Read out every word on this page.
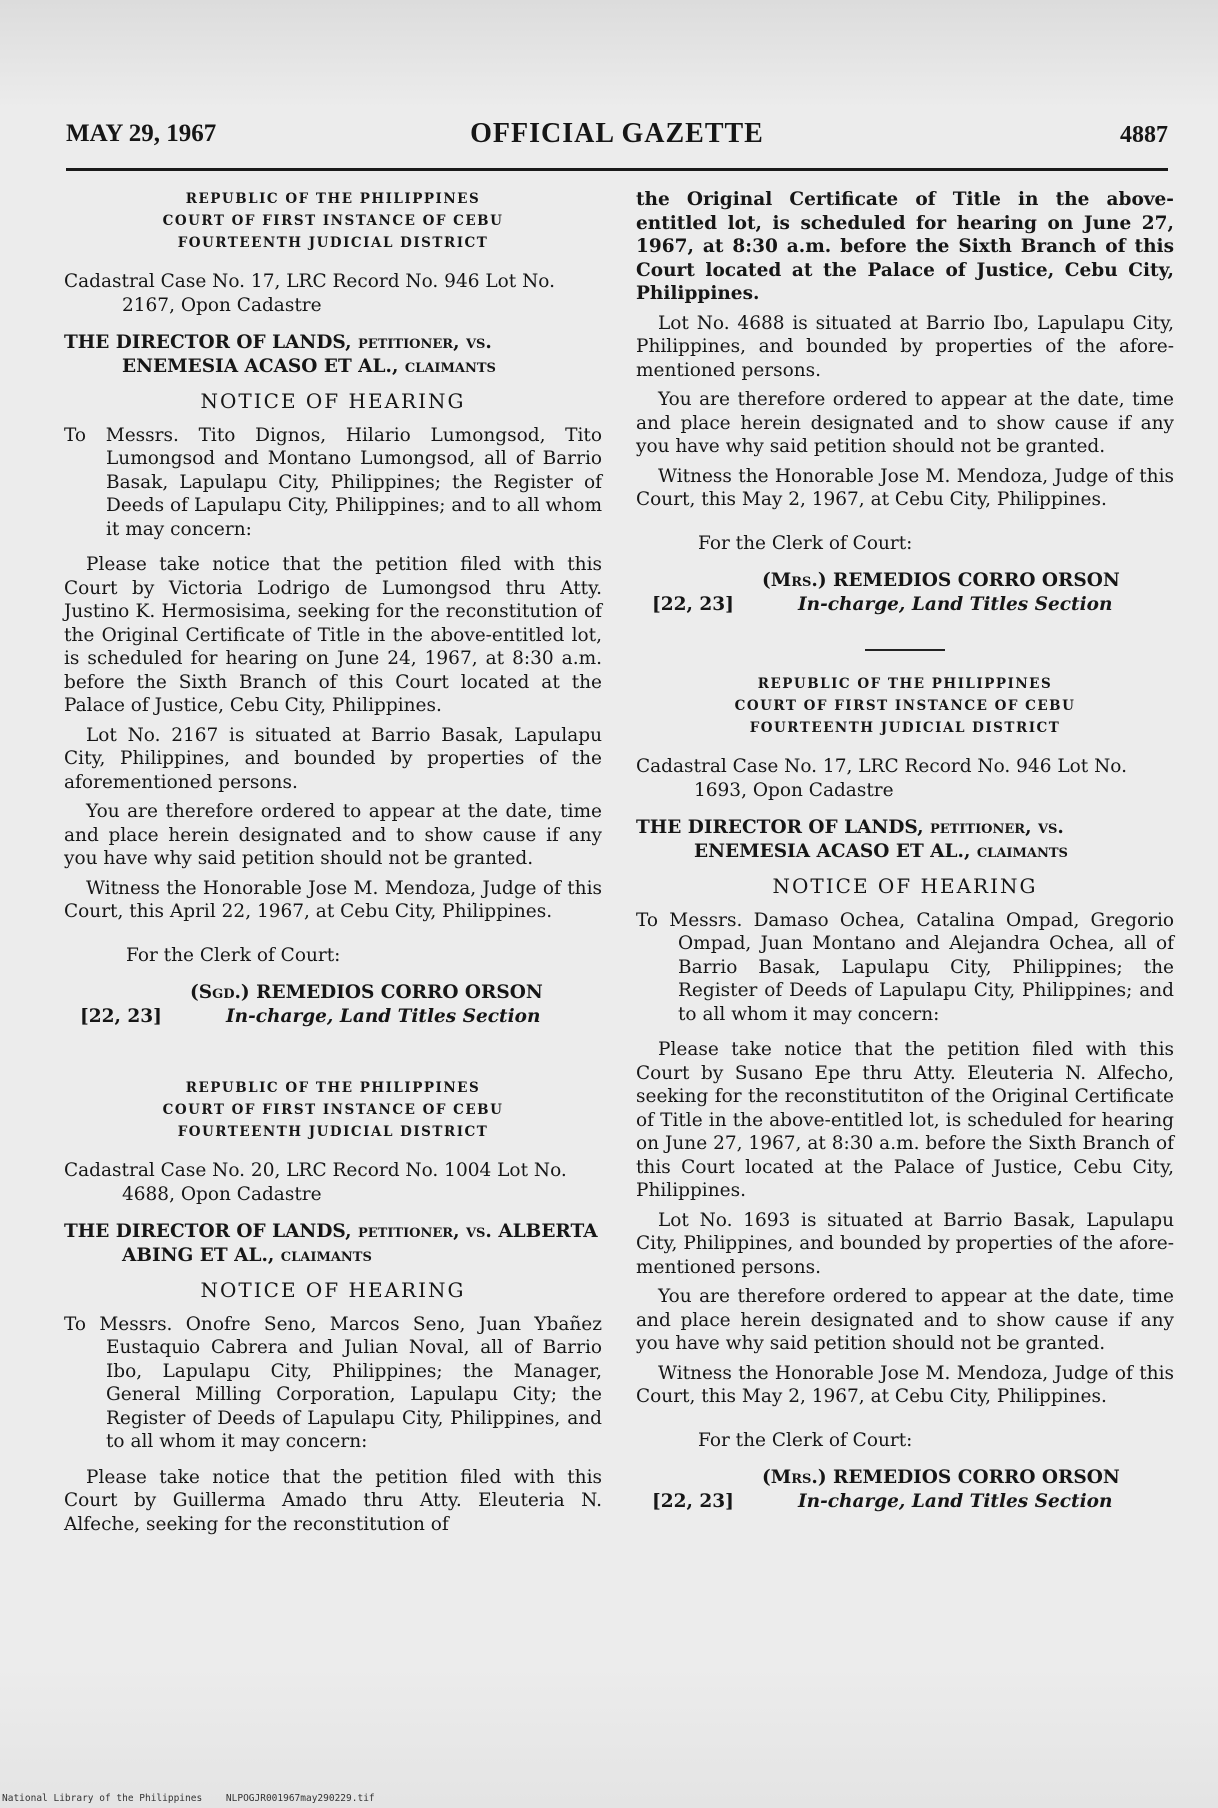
MAY 29, 1967	OFFICIAL GAZETTE	4887
REPUBLIC OF THE PHILIPPINES
COURT OF FIRST INSTANCE OF CEBU
FOURTEENTH JUDICIAL DISTRICT

Cadastral Case No. 17, LRC Record No. 946 Lot No. 2167, Opon Cadastre

THE DIRECTOR OF LANDS, petitioner, vs. ENEMESIA ACASO ET AL., claimants

NOTICE OF HEARING

To Messrs. Tito Dignos, Hilario Lumongsod, Tito Lumongsod and Montano Lumongsod, all of Barrio Basak, Lapulapu City, Philippines; the Register of Deeds of Lapulapu City, Philippines; and to all whom it may concern:

Please take notice that the petition filed with this Court by Victoria Lodrigo de Lumongsod thru Atty. Justino K. Hermosisima, seeking for the reconstitution of the Original Certificate of Title in the above-entitled lot, is scheduled for hearing on June 24, 1967, at 8:30 a.m. before the Sixth Branch of this Court located at the Palace of Justice, Cebu City, Philippines.

Lot No. 2167 is situated at Barrio Basak, Lapulapu City, Philippines, and bounded by properties of the aforementioned persons.

You are therefore ordered to appear at the date, time and place herein designated and to show cause if any you have why said petition should not be granted.

Witness the Honorable Jose M. Mendoza, Judge of this Court, this April 22, 1967, at Cebu City, Philippines.

For the Clerk of Court:
(Sgd.) REMEDIOS CORRO ORSON
[22, 23]	In-charge, Land Titles Section
REPUBLIC OF THE PHILIPPINES
COURT OF FIRST INSTANCE OF CEBU
FOURTEENTH JUDICIAL DISTRICT

Cadastral Case No. 20, LRC Record No. 1004 Lot No. 4688, Opon Cadastre

THE DIRECTOR OF LANDS, petitioner, vs. ALBERTA ABING ET AL., claimants

NOTICE OF HEARING

To Messrs. Onofre Seno, Marcos Seno, Juan Ybañez Eustaquio Cabrera and Julian Noval, all of Barrio Ibo, Lapulapu City, Philippines; the Manager, General Milling Corporation, Lapulapu City; the Register of Deeds of Lapulapu City, Philippines, and to all whom it may concern:

Please take notice that the petition filed with this Court by Guillerma Amado thru Atty. Eleuteria N. Alfeche, seeking for the reconstitution of

the Original Certificate of Title in the above-entitled lot, is scheduled for hearing on June 27, 1967, at 8:30 a.m. before the Sixth Branch of this Court located at the Palace of Justice, Cebu City, Philippines.

Lot No. 4688 is situated at Barrio Ibo, Lapulapu City, Philippines, and bounded by properties of the afore-mentioned persons.

You are therefore ordered to appear at the date, time and place herein designated and to show cause if any you have why said petition should not be granted.

Witness the Honorable Jose M. Mendoza, Judge of this Court, this May 2, 1967, at Cebu City, Philippines.

For the Clerk of Court:
(Mrs.) REMEDIOS CORRO ORSON
[22, 23]	In-charge, Land Titles Section
REPUBLIC OF THE PHILIPPINES
COURT OF FIRST INSTANCE OF CEBU
FOURTEENTH JUDICIAL DISTRICT

Cadastral Case No. 17, LRC Record No. 946 Lot No. 1693, Opon Cadastre

THE DIRECTOR OF LANDS, petitioner, vs. ENEMESIA ACASO ET AL., claimants

NOTICE OF HEARING

To Messrs. Damaso Ochea, Catalina Ompad, Gregorio Ompad, Juan Montano and Alejandra Ochea, all of Barrio Basak, Lapulapu City, Philippines; the Register of Deeds of Lapulapu City, Philippines; and to all whom it may concern:

Please take notice that the petition filed with this Court by Susano Epe thru Atty. Eleuteria N. Alfecho, seeking for the reconstitutiton of the Original Certificate of Title in the above-entitled lot, is scheduled for hearing on June 27, 1967, at 8:30 a.m. before the Sixth Branch of this Court located at the Palace of Justice, Cebu City, Philippines.

Lot No. 1693 is situated at Barrio Basak, Lapulapu City, Philippines, and bounded by properties of the afore-mentioned persons.

You are therefore ordered to appear at the date, time and place herein designated and to show cause if any you have why said petition should not be granted.

Witness the Honorable Jose M. Mendoza, Judge of this Court, this May 2, 1967, at Cebu City, Philippines.

For the Clerk of Court:
(Mrs.) REMEDIOS CORRO ORSON
[22, 23]	In-charge, Land Titles Section
National Library of the Philippines NLPOGJR001967may290229.tif
